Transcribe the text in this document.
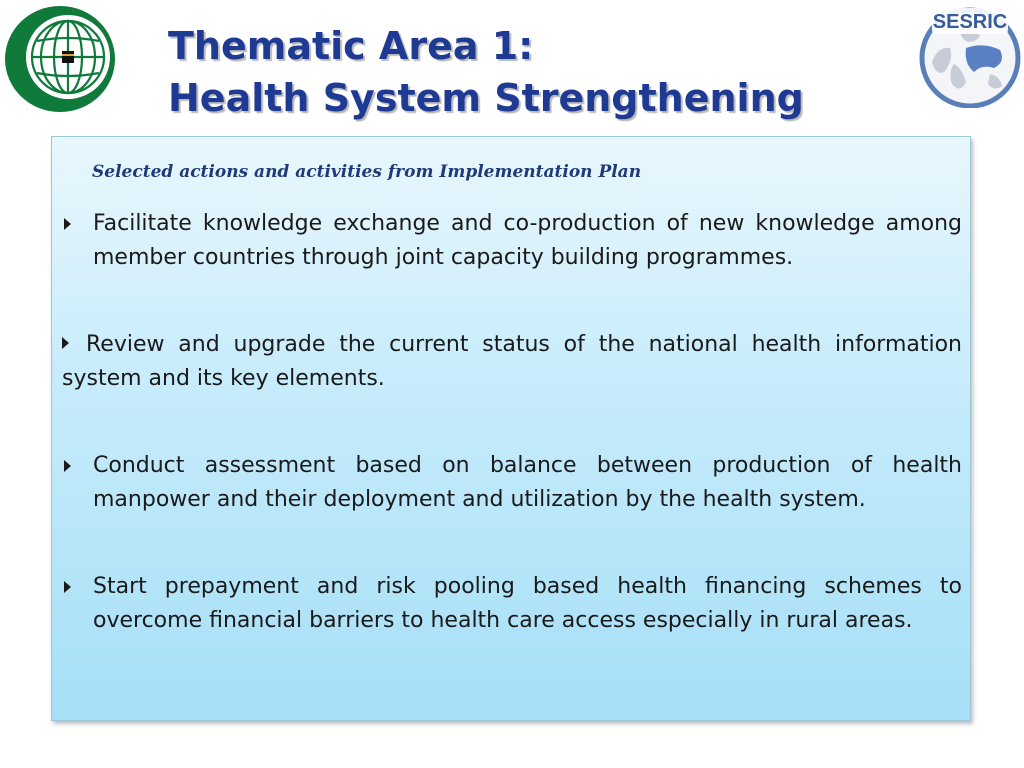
SESRIC
Thematic Area 1:
Health System Strengthening

Selected actions and activities from Implementation Plan

Facilitate knowledge exchange and co-production of new knowledge among member countries through joint capacity building programmes.

Review and upgrade the current status of the national health information system and its key elements.

Conduct assessment based on balance between production of health manpower and their deployment and utilization by the health system.

Start prepayment and risk pooling based health financing schemes to overcome financial barriers to health care access especially in rural areas.
